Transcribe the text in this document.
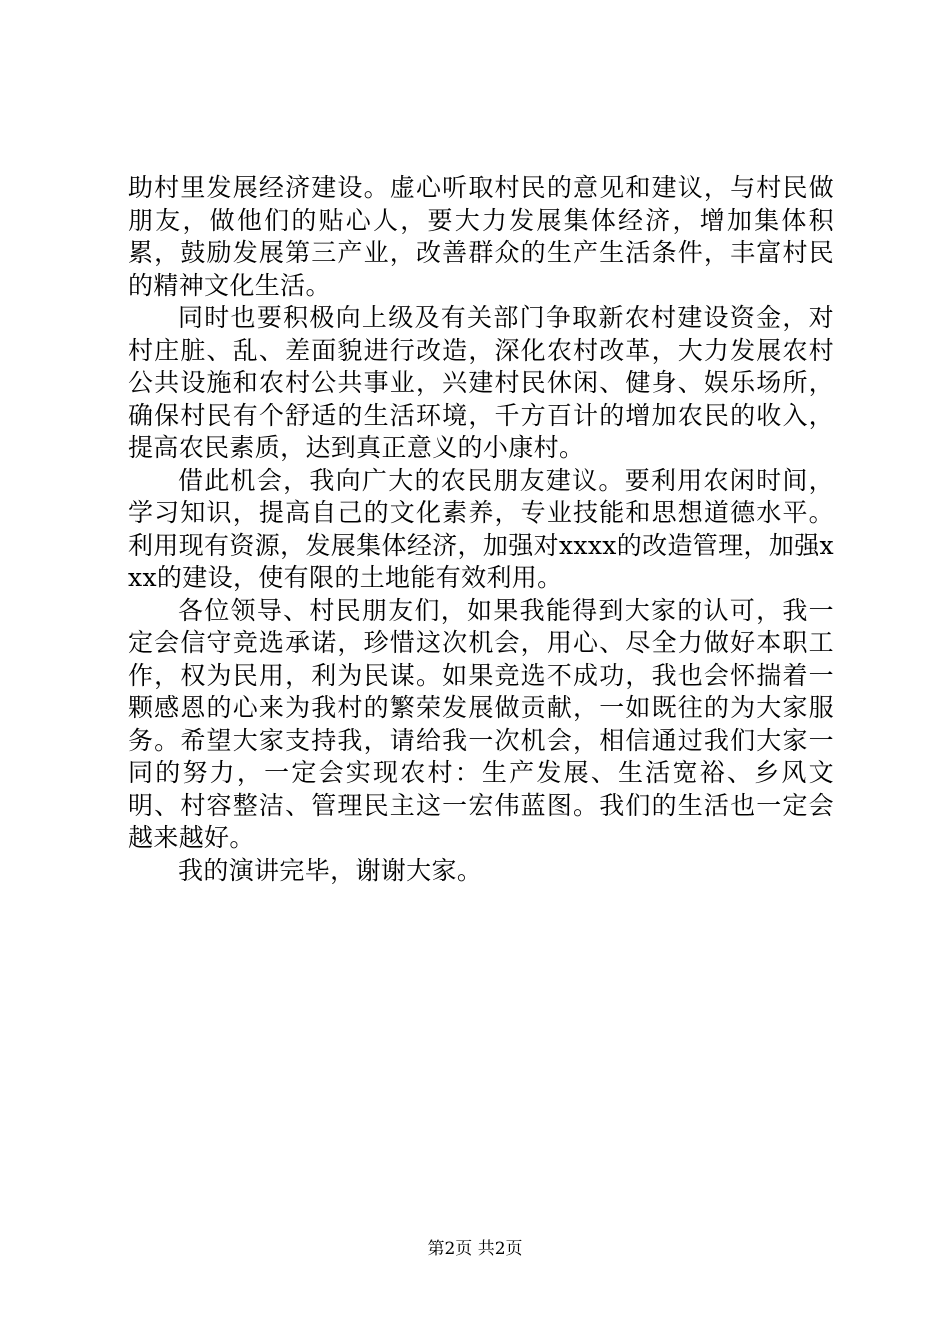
助村里发展经济建设。虚心听取村民的意见和建议，与村民做朋友，做他们的贴心人，要大力发展集体经济，增加集体积累，鼓励发展第三产业，改善群众的生产生活条件，丰富村民的精神文化生活。

同时也要积极向上级及有关部门争取新农村建设资金，对村庄脏、乱、差面貌进行改造，深化农村改革，大力发展农村公共设施和农村公共事业，兴建村民休闲、健身、娱乐场所，确保村民有个舒适的生活环境，千方百计的增加农民的收入，提高农民素质，达到真正意义的小康村。

借此机会，我向广大的农民朋友建议。要利用农闲时间，学习知识，提高自己的文化素养，专业技能和思想道德水平。利用现有资源，发展集体经济，加强对xxxx的改造管理，加强xxx的建设，使有限的土地能有效利用。

各位领导、村民朋友们，如果我能得到大家的认可，我一定会信守竞选承诺，珍惜这次机会，用心、尽全力做好本职工作，权为民用，利为民谋。如果竞选不成功，我也会怀揣着一颗感恩的心来为我村的繁荣发展做贡献，一如既往的为大家服务。希望大家支持我，请给我一次机会，相信通过我们大家一同的努力，一定会实现农村：生产发展、生活宽裕、乡风文明、村容整洁、管理民主这一宏伟蓝图。我们的生活也一定会越来越好。

我的演讲完毕，谢谢大家。

第2页 共2页
